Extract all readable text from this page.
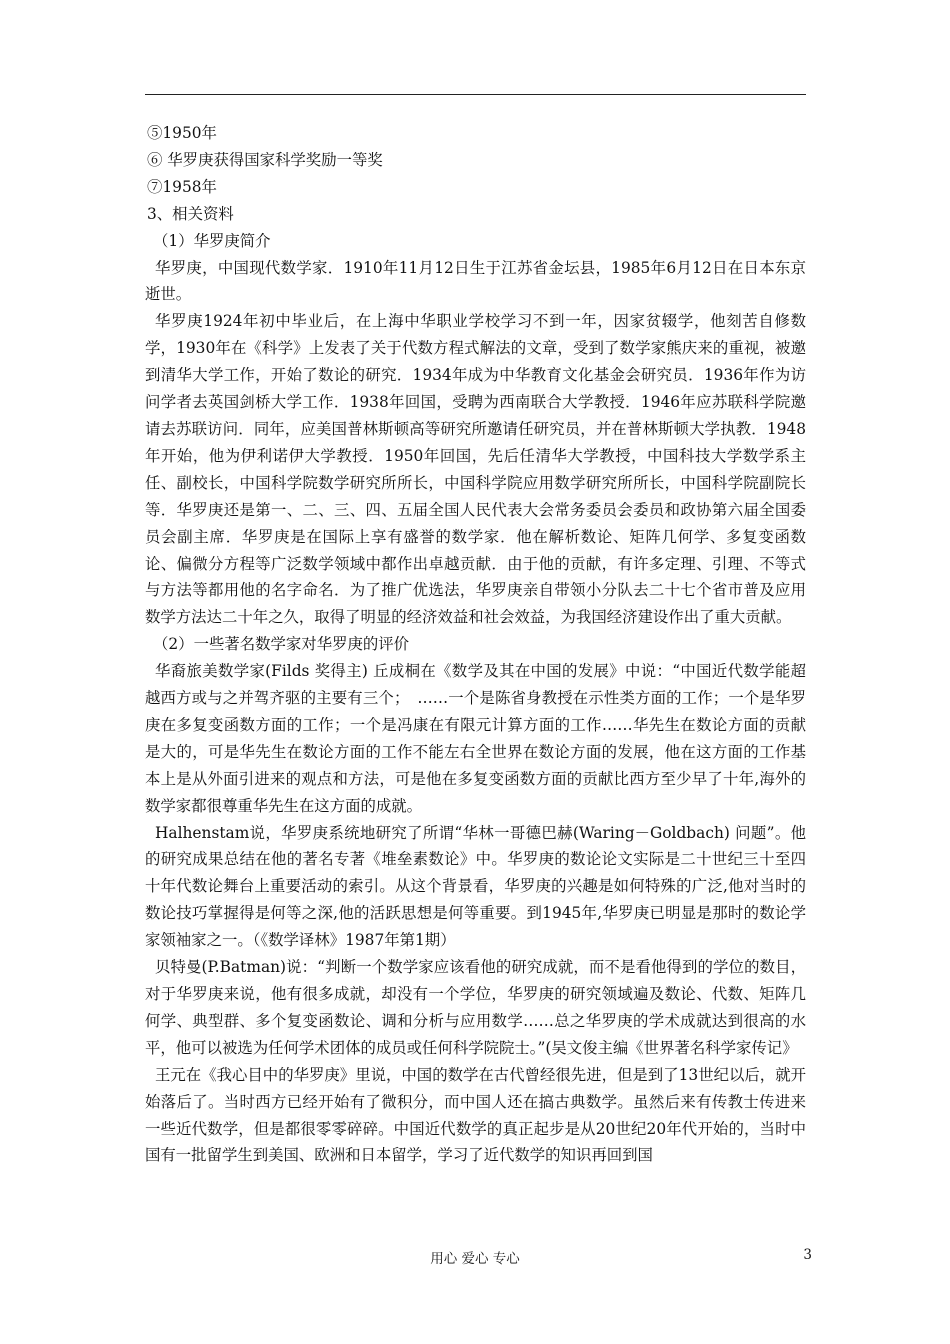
⑤1950年

⑥ 华罗庚获得国家科学奖励一等奖

⑦1958年

3、相关资料

（1）华罗庚简介

华罗庚，中国现代数学家．1910年11月12日生于江苏省金坛县，1985年6月12日在日本东京逝世。

华罗庚1924年初中毕业后，在上海中华职业学校学习不到一年，因家贫辍学，他刻苦自修数学，1930年在《科学》上发表了关于代数方程式解法的文章，受到了数学家熊庆来的重视，被邀到清华大学工作，开始了数论的研究．1934年成为中华教育文化基金会研究员．1936年作为访问学者去英国剑桥大学工作．1938年回国，受聘为西南联合大学教授．1946年应苏联科学院邀请去苏联访问．同年，应美国普林斯顿高等研究所邀请任研究员，并在普林斯顿大学执教．1948年开始，他为伊利诺伊大学教授．1950年回国，先后任清华大学教授，中国科技大学数学系主任、副校长，中国科学院数学研究所所长，中国科学院应用数学研究所所长，中国科学院副院长等．华罗庚还是第一、二、三、四、五届全国人民代表大会常务委员会委员和政协第六届全国委员会副主席．华罗庚是在国际上享有盛誉的数学家．他在解析数论、矩阵几何学、多复变函数论、偏微分方程等广泛数学领域中都作出卓越贡献．由于他的贡献，有许多定理、引理、不等式与方法等都用他的名字命名．为了推广优选法，华罗庚亲自带领小分队去二十七个省市普及应用数学方法达二十年之久，取得了明显的经济效益和社会效益，为我国经济建设作出了重大贡献。

（2）一些著名数学家对华罗庚的评价

华裔旅美数学家(Filds 奖得主) 丘成桐在《数学及其在中国的发展》中说：“中国近代数学能超越西方或与之并驾齐驱的主要有三个；　……一个是陈省身教授在示性类方面的工作；一个是华罗庚在多复变函数方面的工作；一个是冯康在有限元计算方面的工作……华先生在数论方面的贡献是大的，可是华先生在数论方面的工作不能左右全世界在数论方面的发展，他在这方面的工作基本上是从外面引进来的观点和方法，可是他在多复变函数方面的贡献比西方至少早了十年,海外的数学家都很尊重华先生在这方面的成就。

Halhenstam说，华罗庚系统地研究了所谓“华林一哥德巴赫(Waring－Goldbach) 问题”。他的研究成果总结在他的著名专著《堆垒素数论》中。华罗庚的数论论文实际是二十世纪三十至四十年代数论舞台上重要活动的索引。从这个背景看，华罗庚的兴趣是如何特殊的广泛,他对当时的数论技巧掌握得是何等之深,他的活跃思想是何等重要。到1945年,华罗庚已明显是那时的数论学家领袖家之一。（《数学译林》1987年第1期）

贝特曼(P.Batman)说：“判断一个数学家应该看他的研究成就，而不是看他得到的学位的数目，对于华罗庚来说，他有很多成就，却没有一个学位，华罗庚的研究领域遍及数论、代数、矩阵几何学、典型群、多个复变函数论、调和分析与应用数学……总之华罗庚的学术成就达到很高的水平，他可以被选为任何学术团体的成员或任何科学院院士。”(吴文俊主编《世界著名科学家传记》

王元在《我心目中的华罗庚》里说，中国的数学在古代曾经很先进，但是到了13世纪以后，就开始落后了。当时西方已经开始有了微积分，而中国人还在搞古典数学。虽然后来有传教士传进来一些近代数学，但是都很零零碎碎。中国近代数学的真正起步是从20世纪20年代开始的，当时中国有一批留学生到美国、欧洲和日本留学，学习了近代数学的知识再回到国

用心 爱心 专心	3
